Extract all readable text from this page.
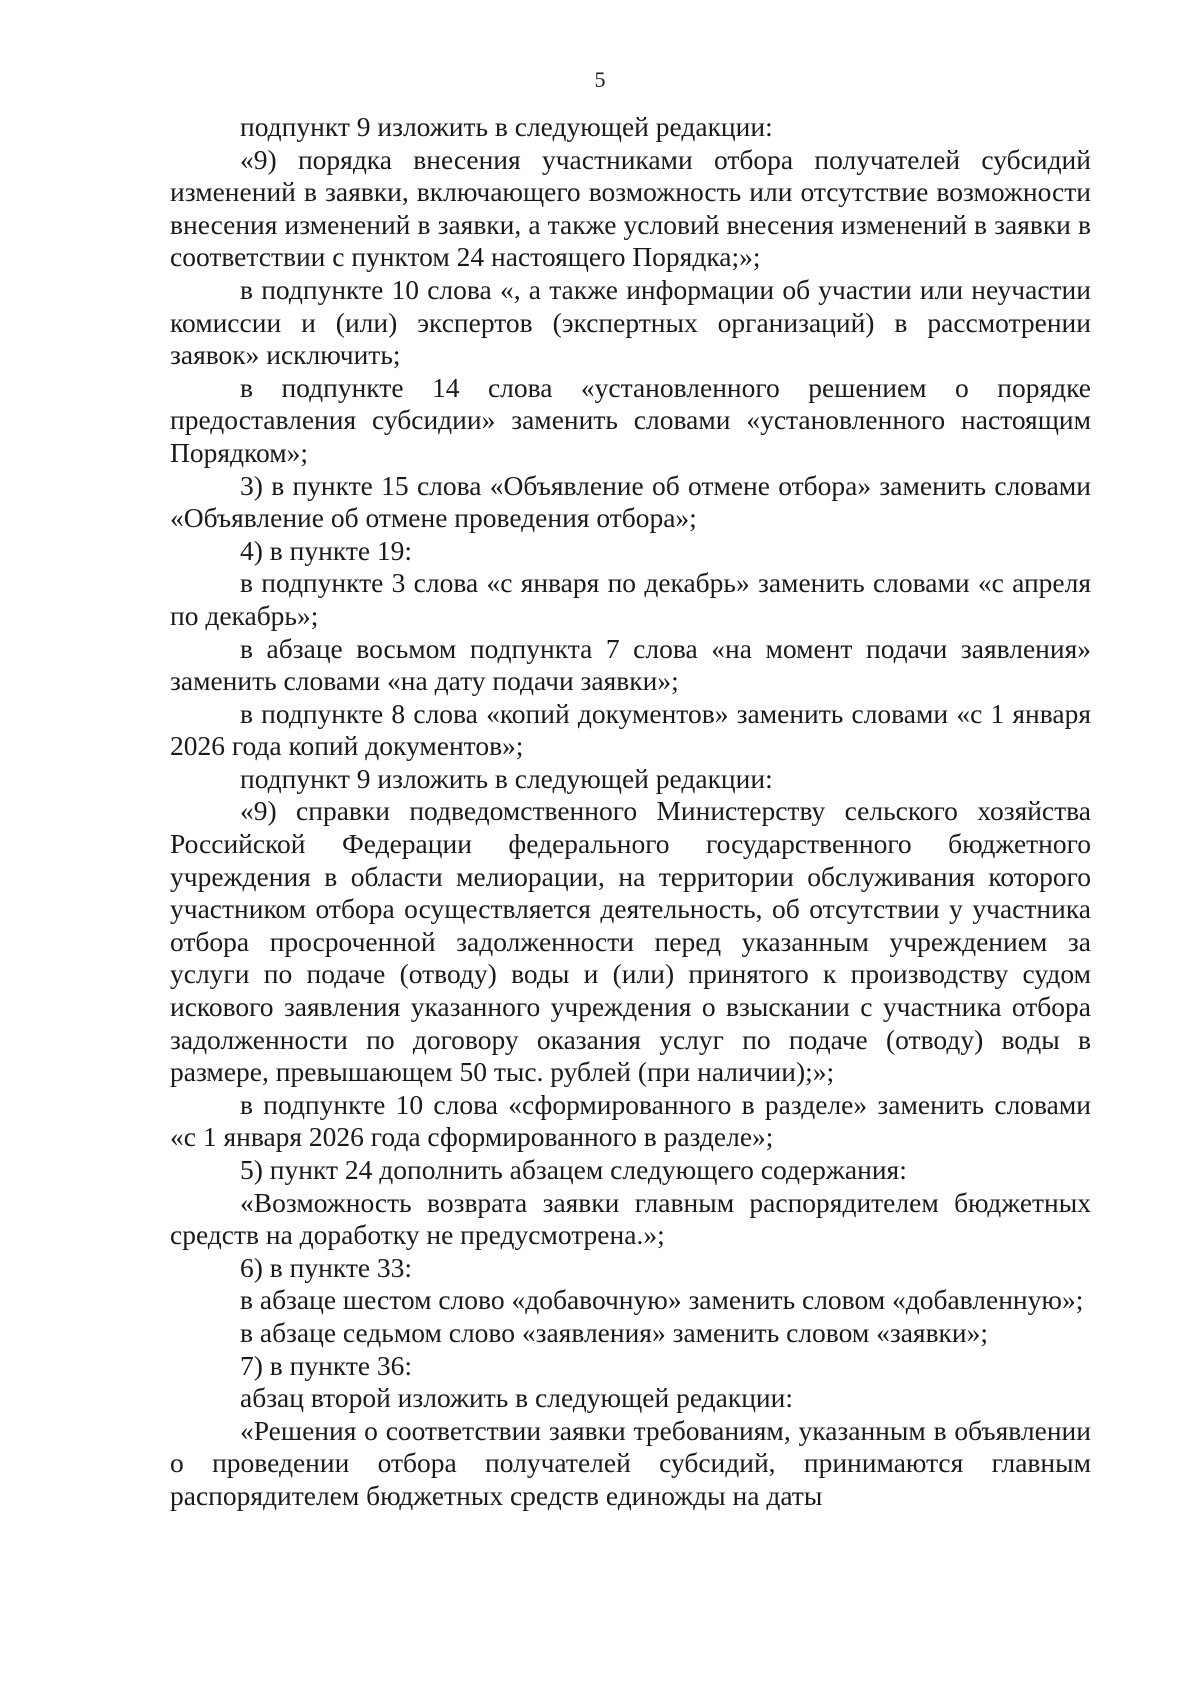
5

подпункт 9 изложить в следующей редакции:

«9) порядка внесения участниками отбора получателей субсидий изменений в заявки, включающего возможность или отсутствие возможности внесения изменений в заявки, а также условий внесения изменений в заявки в соответствии с пунктом 24 настоящего Порядка;»;

в подпункте 10 слова «, а также информации об участии или неучастии комиссии и (или) экспертов (экспертных организаций) в рассмотрении заявок» исключить;

в подпункте 14 слова «установленного решением о порядке предоставления субсидии» заменить словами «установленного настоящим Порядком»;

3) в пункте 15 слова «Объявление об отмене отбора» заменить словами «Объявление об отмене проведения отбора»;

4) в пункте 19:

в подпункте 3 слова «с января по декабрь» заменить словами «с апреля по декабрь»;

в абзаце восьмом подпункта 7 слова «на момент подачи заявления» заменить словами «на дату подачи заявки»;

в подпункте 8 слова «копий документов» заменить словами «с 1 января 2026 года копий документов»;

подпункт 9 изложить в следующей редакции:

«9) справки подведомственного Министерству сельского хозяйства Российской Федерации федерального государственного бюджетного учреждения в области мелиорации, на территории обслуживания которого участником отбора осуществляется деятельность, об отсутствии у участника отбора просроченной задолженности перед указанным учреждением за услуги по подаче (отводу) воды и (или) принятого к производству судом искового заявления указанного учреждения о взыскании с участника отбора задолженности по договору оказания услуг по подаче (отводу) воды в размере, превышающем 50 тыс. рублей (при наличии);»;

в подпункте 10 слова «сформированного в разделе» заменить словами «с 1 января 2026 года сформированного в разделе»;

5) пункт 24 дополнить абзацем следующего содержания:

«Возможность возврата заявки главным распорядителем бюджетных средств на доработку не предусмотрена.»;

6) в пункте 33:

в абзаце шестом слово «добавочную» заменить словом «добавленную»;

в абзаце седьмом слово «заявления» заменить словом «заявки»;

7) в пункте 36:

абзац второй изложить в следующей редакции:

«Решения о соответствии заявки требованиям, указанным в объявлении о проведении отбора получателей субсидий, принимаются главным распорядителем бюджетных средств единожды на даты
